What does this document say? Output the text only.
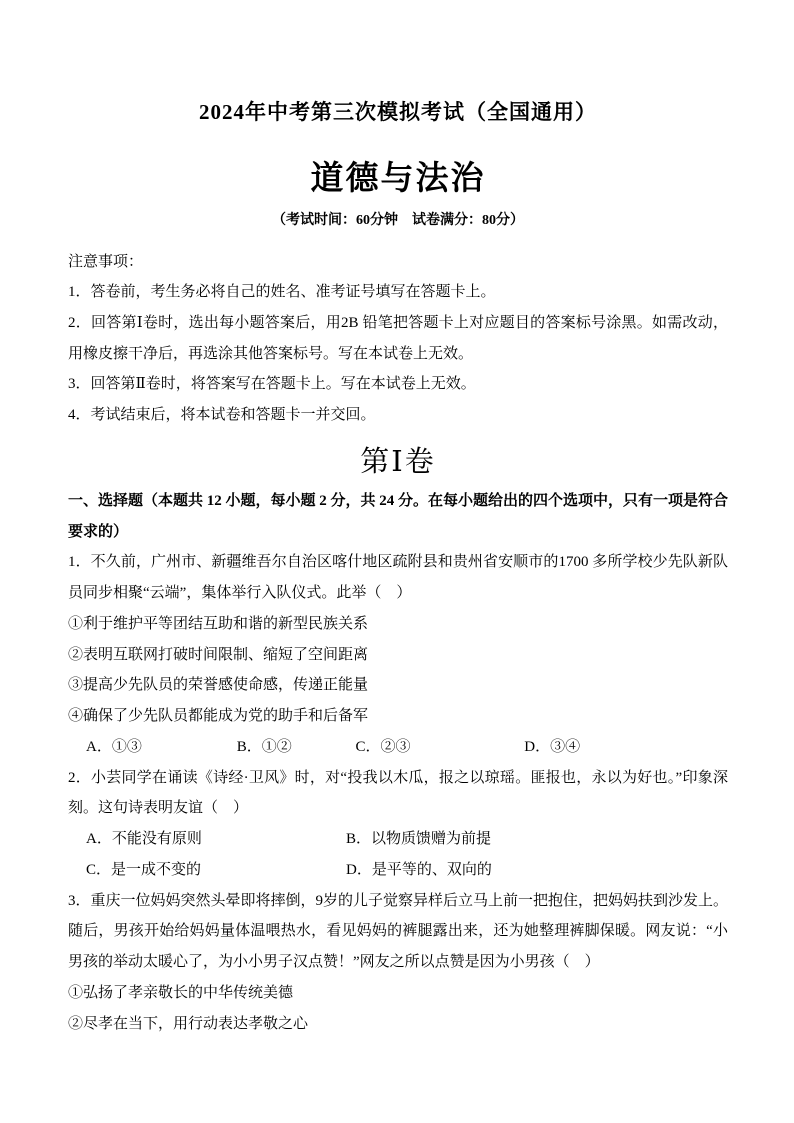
2024年中考第三次模拟考试（全国通用）
道德与法治
（考试时间：60分钟　试卷满分：80分）
注意事项：

1．答卷前，考生务必将自己的姓名、准考证号填写在答题卡上。

2．回答第Ⅰ卷时，选出每小题答案后，用2B 铅笔把答题卡上对应题目的答案标号涂黑。如需改动，用橡皮擦干净后，再选涂其他答案标号。写在本试卷上无效。

3．回答第Ⅱ卷时，将答案写在答题卡上。写在本试卷上无效。

4．考试结束后，将本试卷和答题卡一并交回。

第Ⅰ卷

一、选择题（本题共 12 小题，每小题 2 分，共 24 分。在每小题给出的四个选项中，只有一项是符合要求的）

1．不久前，广州市、新疆维吾尔自治区喀什地区疏附县和贵州省安顺市的1700 多所学校少先队新队员同步相聚“云端”，集体举行入队仪式。此举（　）

①利于维护平等团结互助和谐的新型民族关系

②表明互联网打破时间限制、缩短了空间距离

③提高少先队员的荣誉感使命感，传递正能量

④确保了少先队员都能成为党的助手和后备军

A．①③	B．①②	C．②③	D．③④

2．小芸同学在诵读《诗经·卫风》时，对“投我以木瓜，报之以琼瑶。匪报也，永以为好也。”印象深刻。这句诗表明友谊（　）

A．不能没有原则	B．以物质馈赠为前提
C．是一成不变的	D．是平等的、双向的

3．重庆一位妈妈突然头晕即将摔倒，9岁的儿子觉察异样后立马上前一把抱住，把妈妈扶到沙发上。随后，男孩开始给妈妈量体温喂热水，看见妈妈的裤腿露出来，还为她整理裤脚保暖。网友说：“小男孩的举动太暖心了，为小小男子汉点赞！”网友之所以点赞是因为小男孩（　）

①弘扬了孝亲敬长的中华传统美德

②尽孝在当下，用行动表达孝敬之心
